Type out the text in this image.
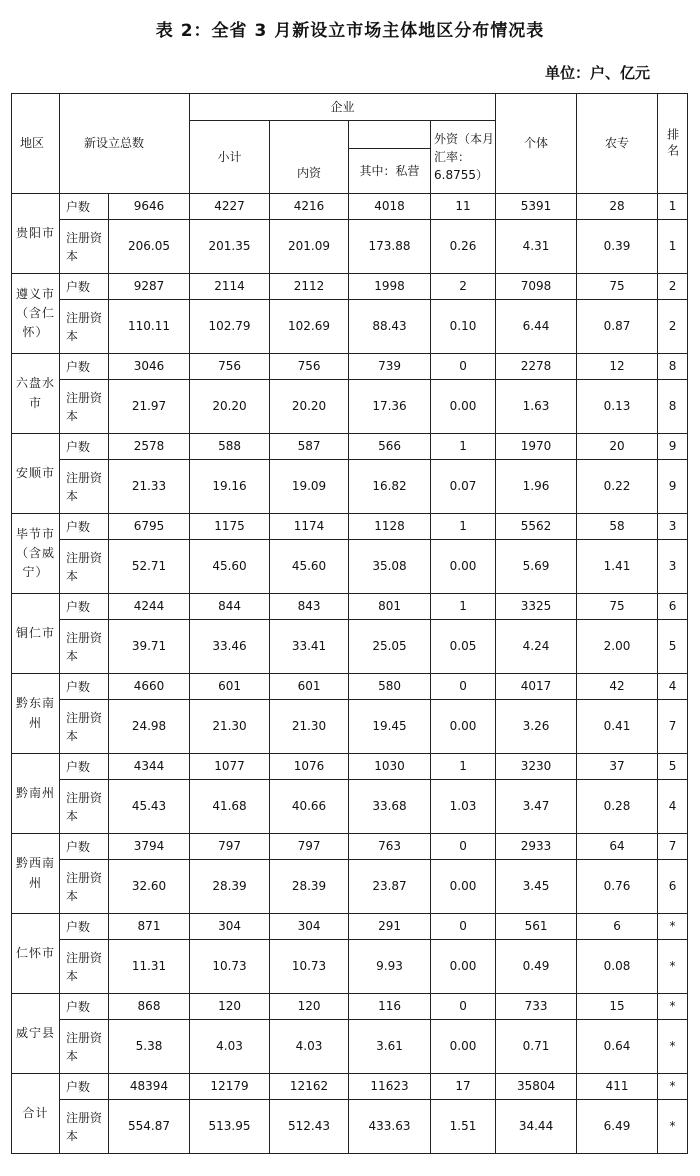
表 2：全省 3 月新设立市场主体地区分布情况表
单位：户、亿元
地区	新设立总数		企业				个体	农专	排名
			小计	内资		外资（本月汇率：6.8755）			
					其中：私营				
贵阳市	户数	9646	4227	4216	4018	11	5391	28	1
	注册资本	206.05	201.35	201.09	173.88	0.26	4.31	0.39	1
遵义市（含仁怀）	户数	9287	2114	2112	1998	2	7098	75	2
	注册资本	110.11	102.79	102.69	88.43	0.10	6.44	0.87	2
六盘水市	户数	3046	756	756	739	0	2278	12	8
	注册资本	21.97	20.20	20.20	17.36	0.00	1.63	0.13	8
安顺市	户数	2578	588	587	566	1	1970	20	9
	注册资本	21.33	19.16	19.09	16.82	0.07	1.96	0.22	9
毕节市（含威宁）	户数	6795	1175	1174	1128	1	5562	58	3
	注册资本	52.71	45.60	45.60	35.08	0.00	5.69	1.41	3
铜仁市	户数	4244	844	843	801	1	3325	75	6
	注册资本	39.71	33.46	33.41	25.05	0.05	4.24	2.00	5
黔东南州	户数	4660	601	601	580	0	4017	42	4
	注册资本	24.98	21.30	21.30	19.45	0.00	3.26	0.41	7
黔南州	户数	4344	1077	1076	1030	1	3230	37	5
	注册资本	45.43	41.68	40.66	33.68	1.03	3.47	0.28	4
黔西南州	户数	3794	797	797	763	0	2933	64	7
	注册资本	32.60	28.39	28.39	23.87	0.00	3.45	0.76	6
仁怀市	户数	871	304	304	291	0	561	6	*
	注册资本	11.31	10.73	10.73	9.93	0.00	0.49	0.08	*
威宁县	户数	868	120	120	116	0	733	15	*
	注册资本	5.38	4.03	4.03	3.61	0.00	0.71	0.64	*
合计	户数	48394	12179	12162	11623	17	35804	411	*
	注册资本	554.87	513.95	512.43	433.63	1.51	34.44	6.49	*
